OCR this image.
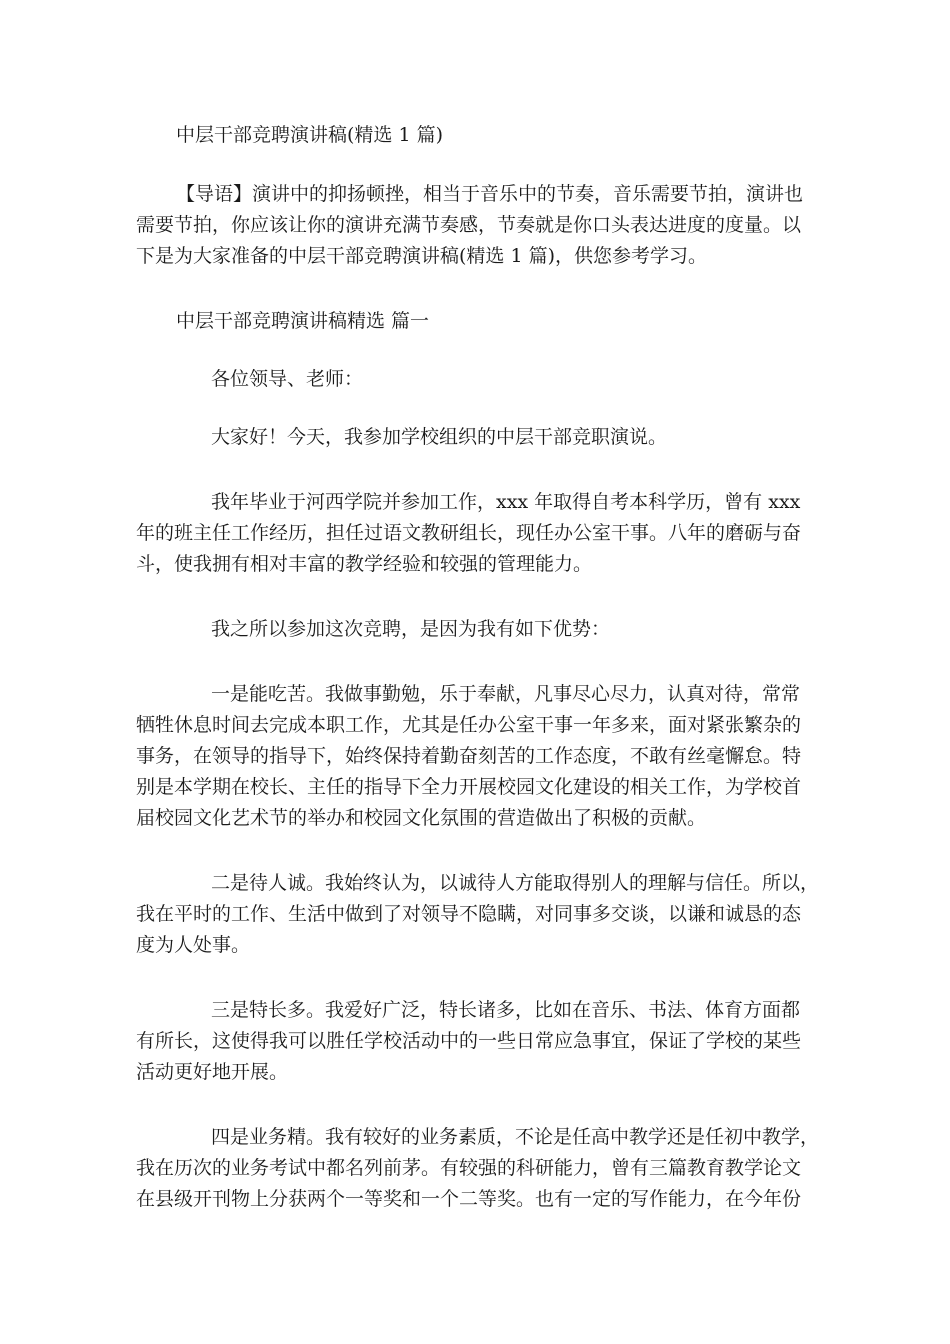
中层干部竞聘演讲稿(精选 1 篇)

【导语】演讲中的抑扬顿挫，相当于音乐中的节奏，音乐需要节拍，演讲也

需要节拍，你应该让你的演讲充满节奏感，节奏就是你口头表达进度的度量。以

下是为大家准备的中层干部竞聘演讲稿(精选 1 篇)，供您参考学习。

中层干部竞聘演讲稿精选 篇一

各位领导、老师：

大家好！今天，我参加学校组织的中层干部竞职演说。

我年毕业于河西学院并参加工作，xxx 年取得自考本科学历，曾有 xxx

年的班主任工作经历，担任过语文教研组长，现任办公室干事。八年的磨砺与奋

斗，使我拥有相对丰富的教学经验和较强的管理能力。

我之所以参加这次竞聘，是因为我有如下优势：

一是能吃苦。我做事勤勉，乐于奉献，凡事尽心尽力，认真对待，常常

牺牲休息时间去完成本职工作，尤其是任办公室干事一年多来，面对紧张繁杂的

事务，在领导的指导下，始终保持着勤奋刻苦的工作态度，不敢有丝毫懈怠。特

别是本学期在校长、主任的指导下全力开展校园文化建设的相关工作，为学校首

届校园文化艺术节的举办和校园文化氛围的营造做出了积极的贡献。

二是待人诚。我始终认为，以诚待人方能取得别人的理解与信任。所以，

我在平时的工作、生活中做到了对领导不隐瞒，对同事多交谈，以谦和诚恳的态

度为人处事。

三是特长多。我爱好广泛，特长诸多，比如在音乐、书法、体育方面都

有所长，这使得我可以胜任学校活动中的一些日常应急事宜，保证了学校的某些

活动更好地开展。

四是业务精。我有较好的业务素质，不论是任高中教学还是任初中教学，

我在历次的业务考试中都名列前茅。有较强的科研能力，曾有三篇教育教学论文

在县级开刊物上分获两个一等奖和一个二等奖。也有一定的写作能力，在今年份
